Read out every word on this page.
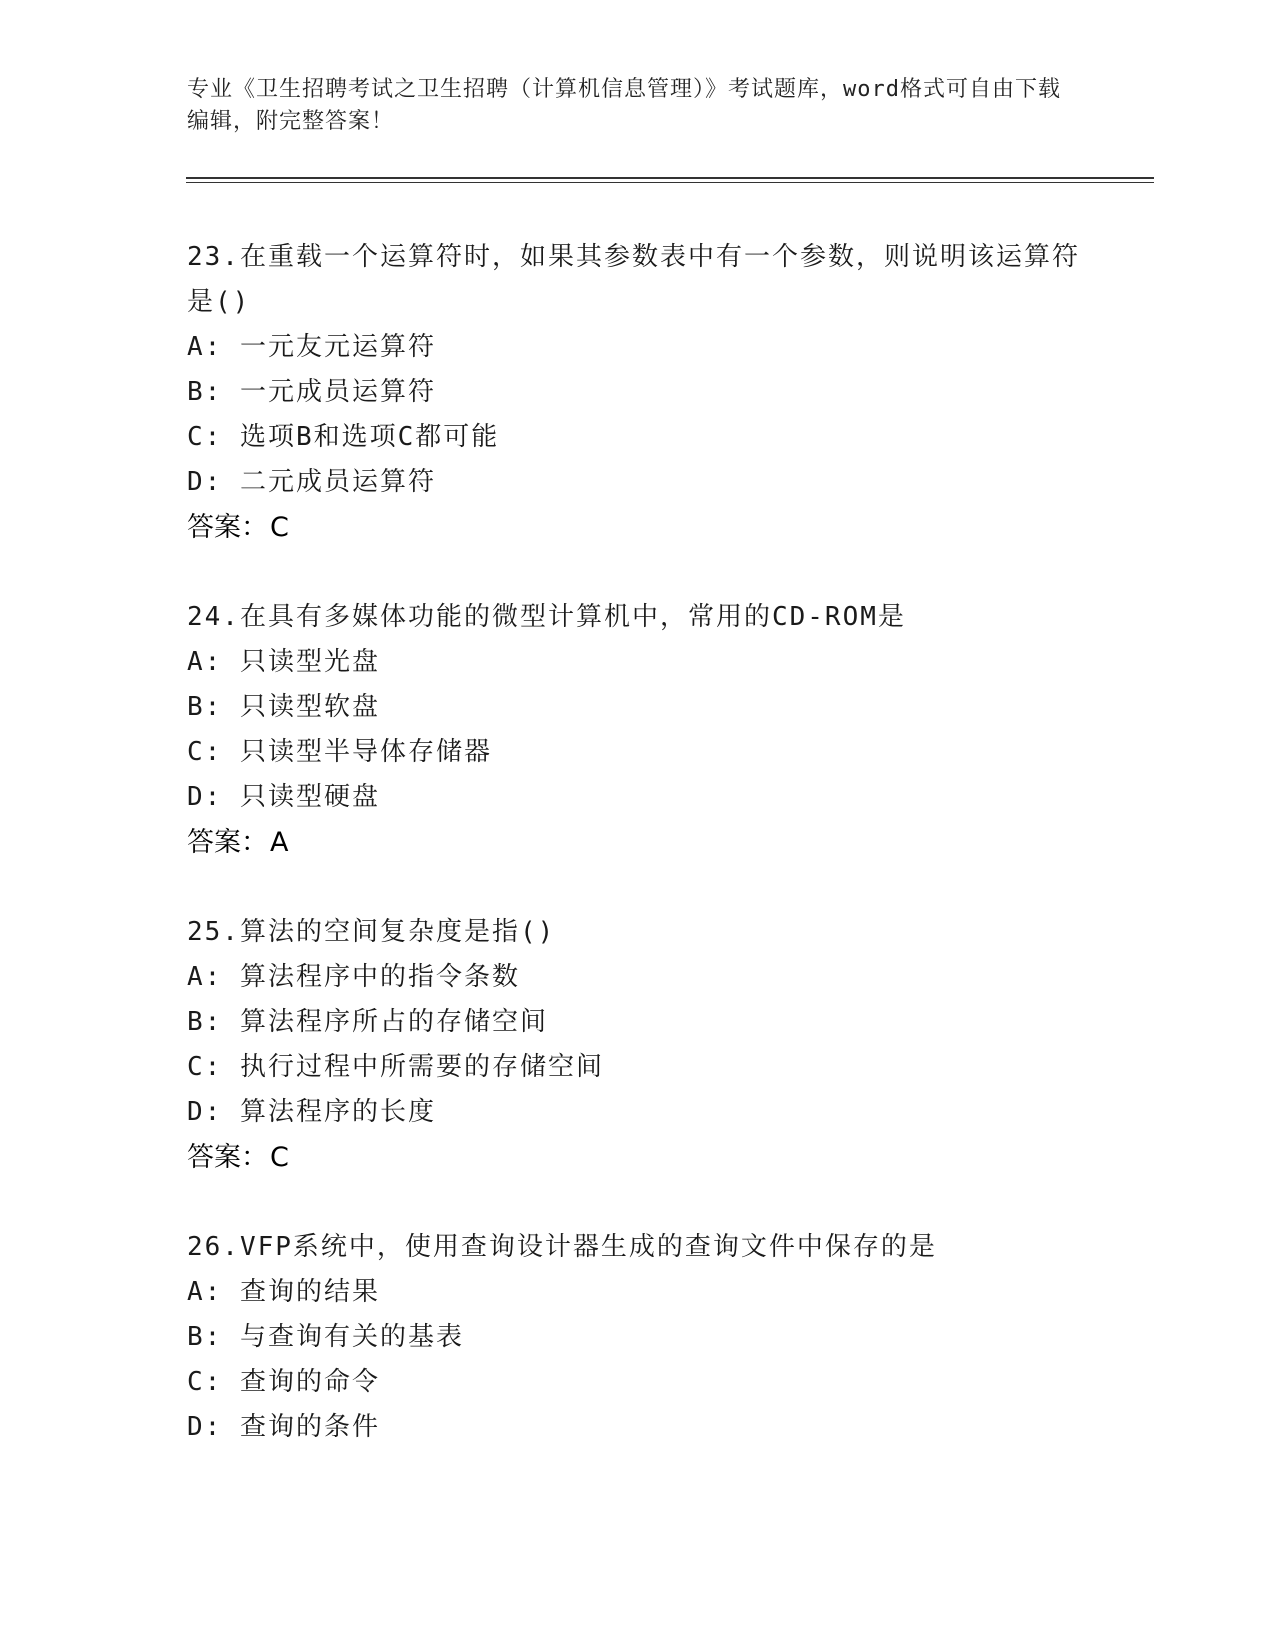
专业《卫生招聘考试之卫生招聘（计算机信息管理）》考试题库，word格式可自由下载编辑，附完整答案！

23.在重载一个运算符时，如果其参数表中有一个参数，则说明该运算符是()

A: 一元友元运算符
B: 一元成员运算符
C: 选项B和选项C都可能
D: 二元成员运算符

答案：C

24.在具有多媒体功能的微型计算机中，常用的CD-ROM是

A: 只读型光盘
B: 只读型软盘
C: 只读型半导体存储器
D: 只读型硬盘

答案：A

25.算法的空间复杂度是指()

A: 算法程序中的指令条数
B: 算法程序所占的存储空间
C: 执行过程中所需要的存储空间
D: 算法程序的长度

答案：C

26.VFP系统中，使用查询设计器生成的查询文件中保存的是

A: 查询的结果
B: 与查询有关的基表
C: 查询的命令
D: 查询的条件
